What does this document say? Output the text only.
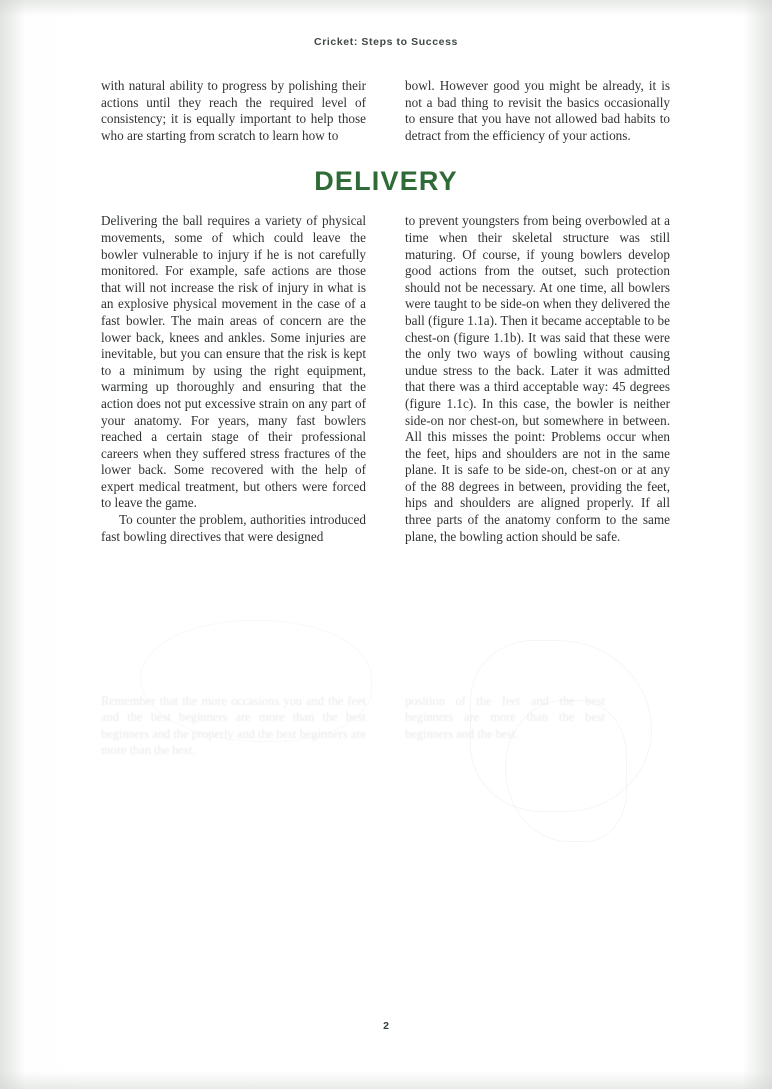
Cricket: Steps to Success

with natural ability to progress by polishing their actions until they reach the required level of consistency; it is equally important to help those who are starting from scratch to learn how to

bowl. However good you might be already, it is not a bad thing to revisit the basics occasionally to ensure that you have not allowed bad habits to detract from the efficiency of your actions.

DELIVERY

Delivering the ball requires a variety of physical movements, some of which could leave the bowler vulnerable to injury if he is not carefully monitored. For example, safe actions are those that will not increase the risk of injury in what is an explosive physical movement in the case of a fast bowler. The main areas of concern are the lower back, knees and ankles. Some injuries are inevitable, but you can ensure that the risk is kept to a minimum by using the right equipment, warming up thoroughly and ensuring that the action does not put excessive strain on any part of your anatomy. For years, many fast bowlers reached a certain stage of their professional careers when they suffered stress fractures of the lower back. Some recovered with the help of expert medical treatment, but others were forced to leave the game.

To counter the problem, authorities introduced fast bowling directives that were designed

to prevent youngsters from being overbowled at a time when their skeletal structure was still maturing. Of course, if young bowlers develop good actions from the outset, such protection should not be necessary. At one time, all bowlers were taught to be side-on when they delivered the ball (figure 1.1a). Then it became acceptable to be chest-on (figure 1.1b). It was said that these were the only two ways of bowling without causing undue stress to the back. Later it was admitted that there was a third acceptable way: 45 degrees (figure 1.1c). In this case, the bowler is neither side-on nor chest-on, but somewhere in between. All this misses the point: Problems occur when the feet, hips and shoulders are not in the same plane. It is safe to be side-on, chest-on or at any of the 88 degrees in between, providing the feet, hips and shoulders are aligned properly. If all three parts of the anatomy conform to the same plane, the bowling action should be safe.

Remember that the more occasions you and the feet and the best beginners are more than the best beginners and the properly and the best beginners are more than the best.
position of the feet and the best beginners are more than the best beginners and the best.
2
